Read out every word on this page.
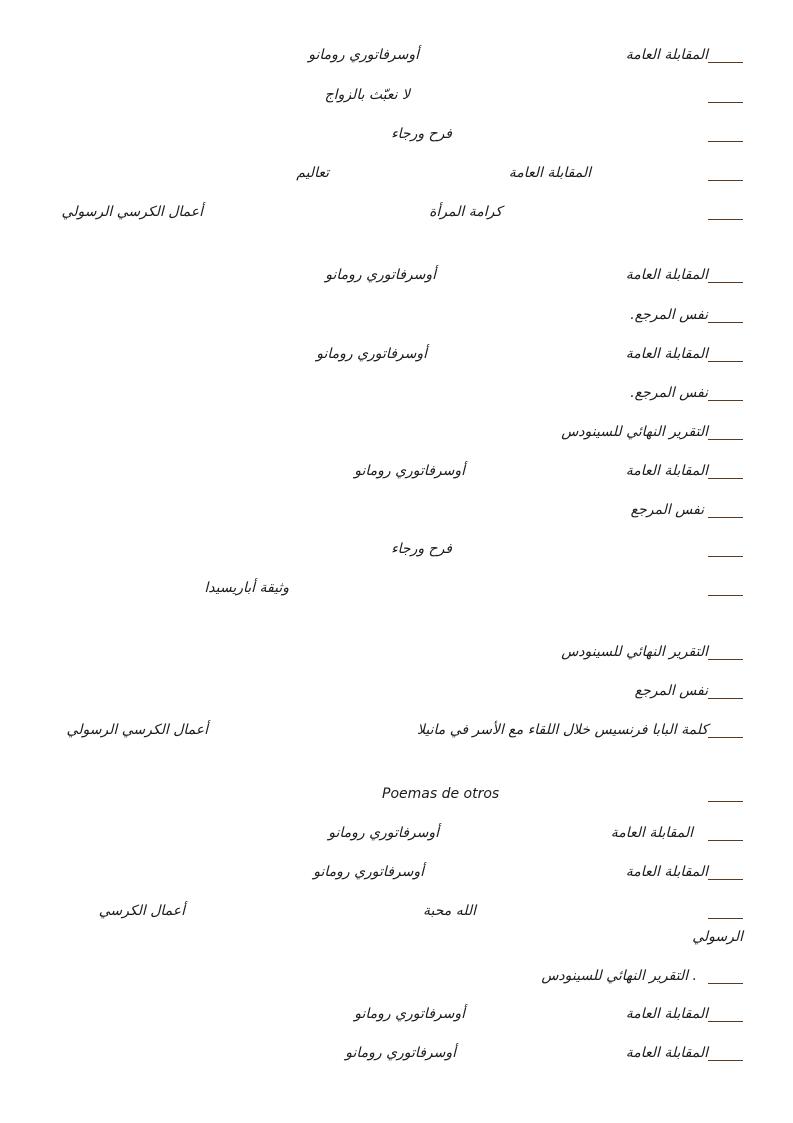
المقابلة العامة
أوسرفاتوري رومانو
لا نعبّث بالزواج
فرح ورجاء
المقابلة العامة
تعاليم
كرامة المرأة
أعمال الكرسي الرسولي
المقابلة العامة
أوسرفاتوري رومانو
نفس المرجع.
المقابلة العامة
أوسرفاتوري رومانو
نفس المرجع.
التقرير النهائي للسينودس
المقابلة العامة
أوسرفاتوري رومانو
نفس المرجع
فرح ورجاء
وثيقة أباريسيدا
التقرير النهائي للسينودس
نفس المرجع
كلمة البابا فرنسيس خلال اللقاء مع الأسر في مانيلا
أعمال الكرسي الرسولي
Poemas de otros
المقابلة العامة
أوسرفاتوري رومانو
المقابلة العامة
أوسرفاتوري رومانو
الله محبة
أعمال الكرسي
الرسولي
. التقرير النهائي للسينودس
المقابلة العامة
أوسرفاتوري رومانو
المقابلة العامة
أوسرفاتوري رومانو
